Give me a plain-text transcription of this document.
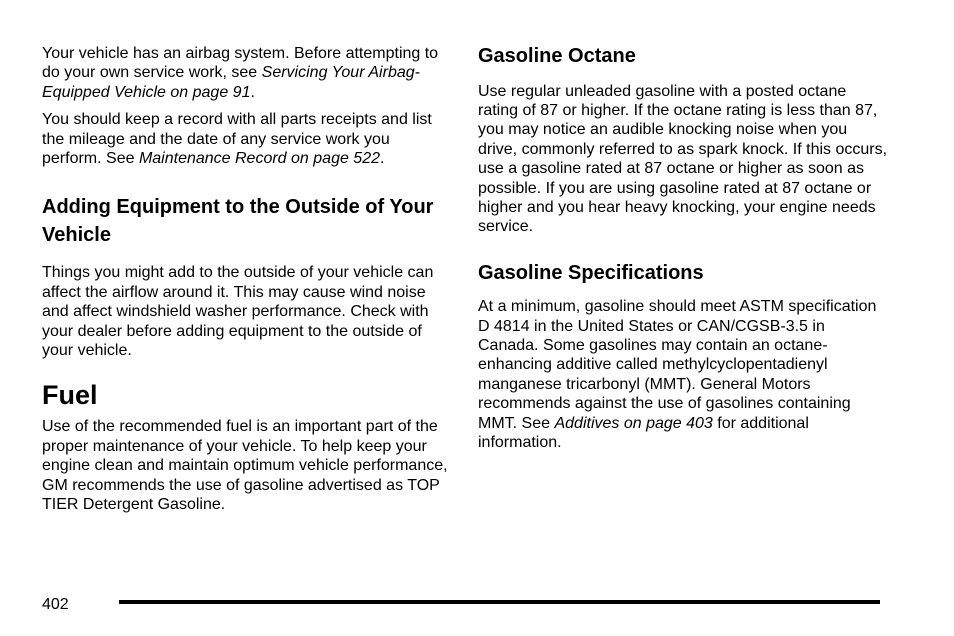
Your vehicle has an airbag system. Before attempting to do your own service work, see Servicing Your Airbag-Equipped Vehicle on page 91.

You should keep a record with all parts receipts and list the mileage and the date of any service work you perform. See Maintenance Record on page 522.

Adding Equipment to the Outside of Your Vehicle

Things you might add to the outside of your vehicle can affect the airflow around it. This may cause wind noise and affect windshield washer performance. Check with your dealer before adding equipment to the outside of your vehicle.

Fuel

Use of the recommended fuel is an important part of the proper maintenance of your vehicle. To help keep your engine clean and maintain optimum vehicle performance, GM recommends the use of gasoline advertised as TOP TIER Detergent Gasoline.

Gasoline Octane

Use regular unleaded gasoline with a posted octane rating of 87 or higher. If the octane rating is less than 87, you may notice an audible knocking noise when you drive, commonly referred to as spark knock. If this occurs, use a gasoline rated at 87 octane or higher as soon as possible. If you are using gasoline rated at 87 octane or higher and you hear heavy knocking, your engine needs service.

Gasoline Specifications

At a minimum, gasoline should meet ASTM specification D 4814 in the United States or CAN/CGSB-3.5 in Canada. Some gasolines may contain an octane-enhancing additive called methylcyclopentadienyl manganese tricarbonyl (MMT). General Motors recommends against the use of gasolines containing MMT. See Additives on page 403 for additional information.

402
